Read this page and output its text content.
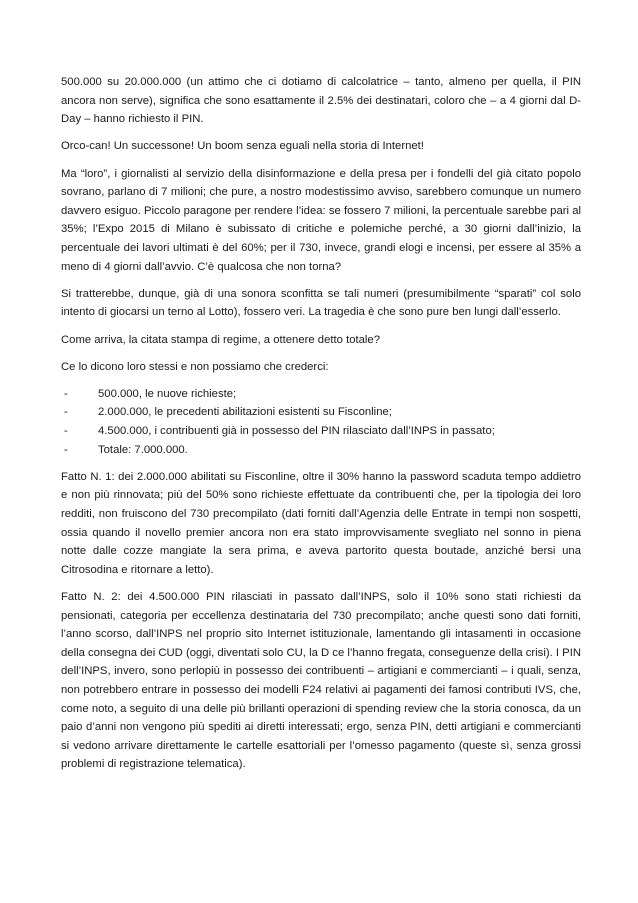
500.000 su 20.000.000 (un attimo che ci dotiamo di calcolatrice – tanto, almeno per quella, il PIN ancora non serve), significa che sono esattamente il 2.5% dei destinatari, coloro che – a 4 giorni dal D-Day – hanno richiesto il PIN.

Orco-can! Un successone! Un boom senza eguali nella storia di Internet!

Ma “loro”, i giornalisti al servizio della disinformazione e della presa per i fondelli del già citato popolo sovrano, parlano di 7 milioni; che pure, a nostro modestissimo avviso, sarebbero comunque un numero davvero esiguo. Piccolo paragone per rendere l’idea: se fossero 7 milioni, la percentuale sarebbe pari al 35%; l’Expo 2015 di Milano è subissato di critiche e polemiche perché, a 30 giorni dall’inizio, la percentuale dei lavori ultimati è del 60%; per il 730, invece, grandi elogi e incensi, per essere al 35% a meno di 4 giorni dall’avvio. C’è qualcosa che non torna?

Si tratterebbe, dunque, già di una sonora sconfitta se tali numeri (presumibilmente “sparati” col solo intento di giocarsi un terno al Lotto), fossero veri. La tragedia è che sono pure ben lungi dall’esserlo.

Come arriva, la citata stampa di regime, a ottenere detto totale?

Ce lo dicono loro stessi e non possiamo che crederci:

-	500.000, le nuove richieste;
-	2.000.000, le precedenti abilitazioni esistenti su Fisconline;
-	4.500.000, i contribuenti già in possesso del PIN rilasciato dall’INPS in passato;
-	Totale: 7.000.000.

Fatto N. 1: dei 2.000.000 abilitati su Fisconline, oltre il 30% hanno la password scaduta tempo addietro e non più rinnovata; più del 50% sono richieste effettuate da contribuenti che, per la tipologia dei loro redditi, non fruiscono del 730 precompilato (dati forniti dall’Agenzia delle Entrate in tempi non sospetti, ossia quando il novello premier ancora non era stato improvvisamente svegliato nel sonno in piena notte dalle cozze mangiate la sera prima, e aveva partorito questa boutade, anziché bersi una Citrosodina e ritornare a letto).

Fatto N. 2: dei 4.500.000 PIN rilasciati in passato dall’INPS, solo il 10% sono stati richiesti da pensionati, categoria per eccellenza destinataria del 730 precompilato; anche questi sono dati forniti, l’anno scorso, dall’INPS nel proprio sito Internet istituzionale, lamentando gli intasamenti in occasione della consegna dei CUD (oggi, diventati solo CU, la D ce l’hanno fregata, conseguenze della crisi). I PIN dell’INPS, invero, sono perlopiù in possesso dei contribuenti – artigiani e commercianti – i quali, senza, non potrebbero entrare in possesso dei modelli F24 relativi ai pagamenti dei famosi contributi IVS, che, come noto, a seguito di una delle più brillanti operazioni di spending review che la storia conosca, da un paio d’anni non vengono più spediti ai diretti interessati; ergo, senza PIN, detti artigiani e commercianti si vedono arrivare direttamente le cartelle esattoriali per l’omesso pagamento (queste sì, senza grossi problemi di registrazione telematica).
